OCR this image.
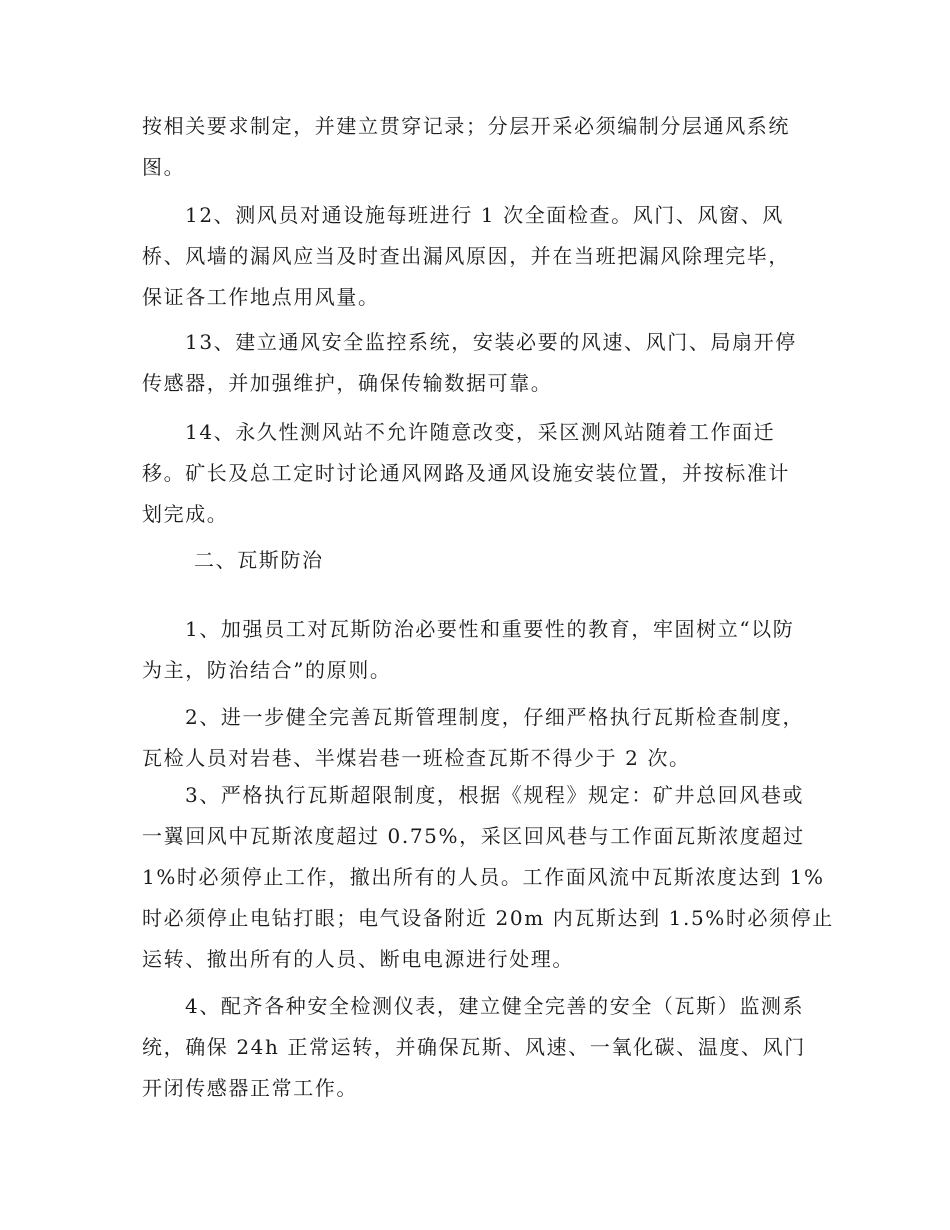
按相关要求制定，并建立贯穿记录；分层开采必须编制分层通风系统
图。

12、测风员对通设施每班进行 1 次全面检查。风门、风窗、风
桥、风墙的漏风应当及时查出漏风原因，并在当班把漏风除理完毕，
保证各工作地点用风量。

13、建立通风安全监控系统，安装必要的风速、风门、局扇开停
传感器，并加强维护，确保传输数据可靠。

14、永久性测风站不允许随意改变，采区测风站随着工作面迁
移。矿长及总工定时讨论通风网路及通风设施安装位置，并按标准计
划完成。

二、瓦斯防治

1、加强员工对瓦斯防治必要性和重要性的教育，牢固树立“以防
为主，防治结合”的原则。

2、进一步健全完善瓦斯管理制度，仔细严格执行瓦斯检查制度，
瓦检人员对岩巷、半煤岩巷一班检查瓦斯不得少于 2 次。

3、严格执行瓦斯超限制度，根据《规程》规定：矿井总回风巷或
一翼回风中瓦斯浓度超过 0.75%，采区回风巷与工作面瓦斯浓度超过
1%时必须停止工作，撤出所有的人员。工作面风流中瓦斯浓度达到 1%
时必须停止电钻打眼；电气设备附近 20m 内瓦斯达到 1.5%时必须停止
运转、撤出所有的人员、断电电源进行处理。

4、配齐各种安全检测仪表，建立健全完善的安全（瓦斯）监测系
统，确保 24h 正常运转，并确保瓦斯、风速、一氧化碳、温度、风门
开闭传感器正常工作。
